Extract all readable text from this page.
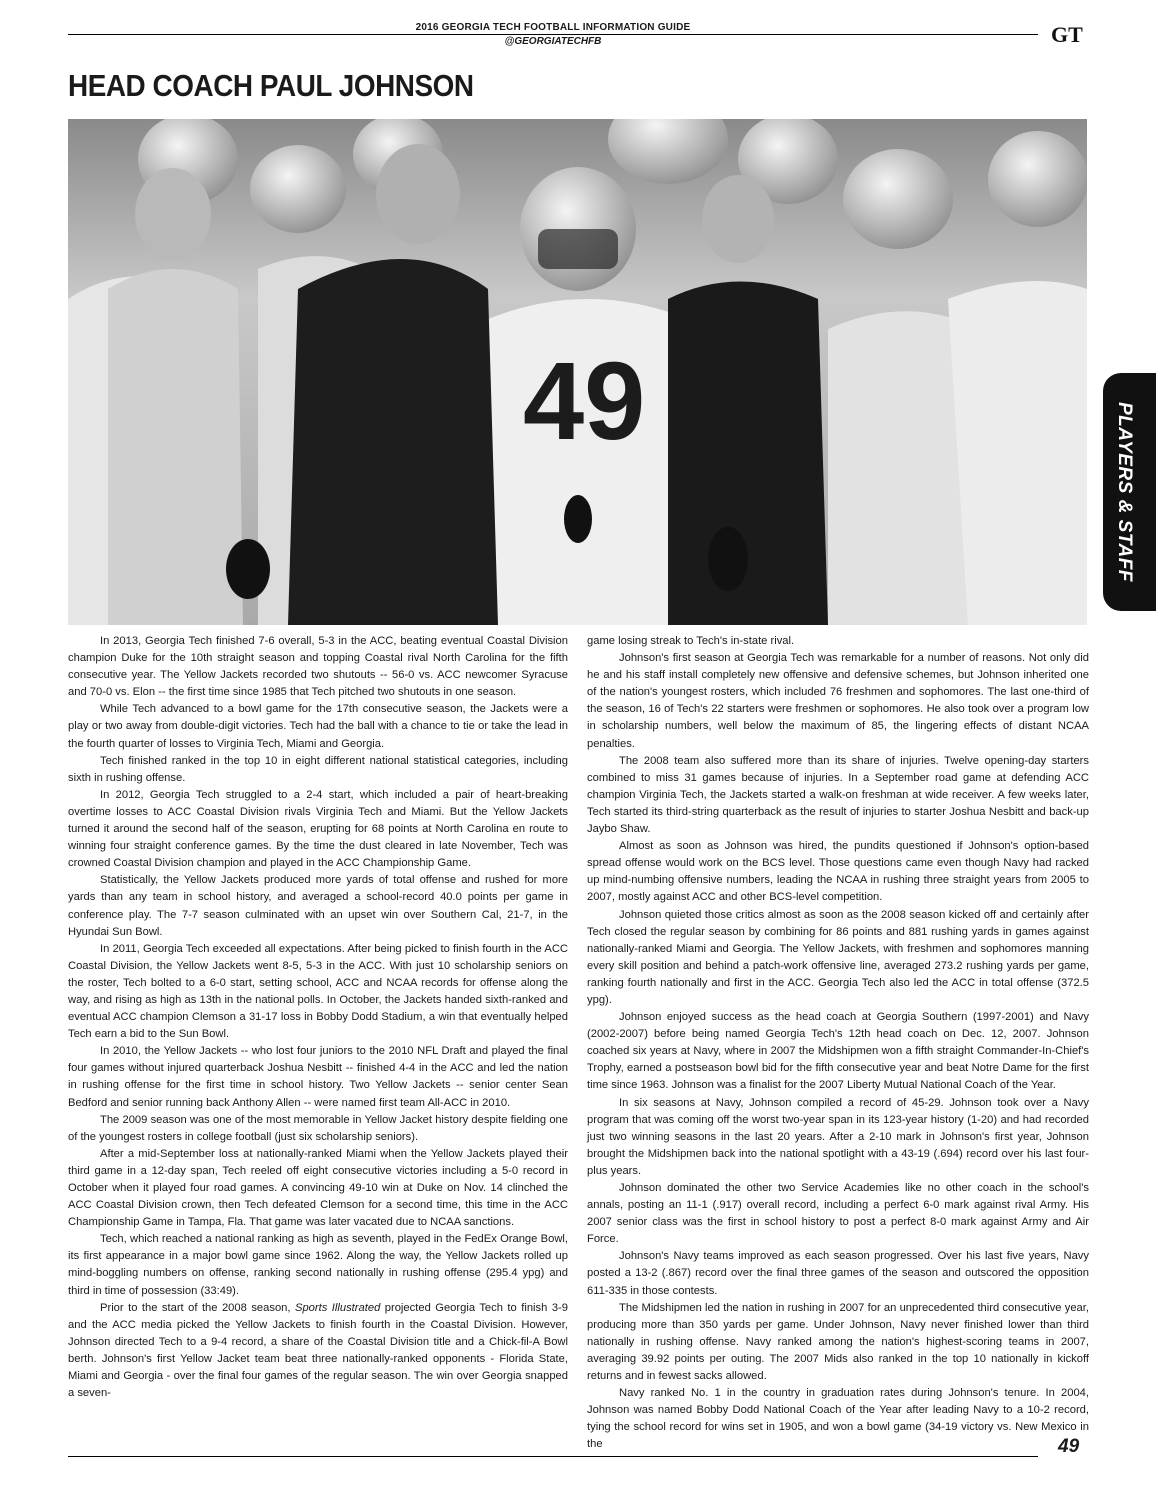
2016 GEORGIA TECH FOOTBALL INFORMATION GUIDE
@GEORGIATECHFB	GT
HEAD COACH PAUL JOHNSON
49
PLAYERS & STAFF

In 2013, Georgia Tech finished 7-6 overall, 5-3 in the ACC, beating eventual Coastal Division champion Duke for the 10th straight season and topping Coastal rival North Carolina for the fifth consecutive year. The Yellow Jackets recorded two shutouts -- 56-0 vs. ACC newcomer Syracuse and 70-0 vs. Elon -- the first time since 1985 that Tech pitched two shutouts in one season.

While Tech advanced to a bowl game for the 17th consecutive season, the Jackets were a play or two away from double-digit victories. Tech had the ball with a chance to tie or take the lead in the fourth quarter of losses to Virginia Tech, Miami and Georgia.

Tech finished ranked in the top 10 in eight different national statistical categories, including sixth in rushing offense.

In 2012, Georgia Tech struggled to a 2-4 start, which included a pair of heart-breaking overtime losses to ACC Coastal Division rivals Virginia Tech and Miami. But the Yellow Jackets turned it around the second half of the season, erupting for 68 points at North Carolina en route to winning four straight conference games. By the time the dust cleared in late November, Tech was crowned Coastal Division champion and played in the ACC Championship Game.

Statistically, the Yellow Jackets produced more yards of total offense and rushed for more yards than any team in school history, and averaged a school-record 40.0 points per game in conference play. The 7-7 season culminated with an upset win over Southern Cal, 21-7, in the Hyundai Sun Bowl.

In 2011, Georgia Tech exceeded all expectations. After being picked to finish fourth in the ACC Coastal Division, the Yellow Jackets went 8-5, 5-3 in the ACC. With just 10 scholarship seniors on the roster, Tech bolted to a 6-0 start, setting school, ACC and NCAA records for offense along the way, and rising as high as 13th in the national polls. In October, the Jackets handed sixth-ranked and eventual ACC champion Clemson a 31-17 loss in Bobby Dodd Stadium, a win that eventually helped Tech earn a bid to the Sun Bowl.

In 2010, the Yellow Jackets -- who lost four juniors to the 2010 NFL Draft and played the final four games without injured quarterback Joshua Nesbitt -- finished 4-4 in the ACC and led the nation in rushing offense for the first time in school history. Two Yellow Jackets -- senior center Sean Bedford and senior running back Anthony Allen -- were named first team All-ACC in 2010.

The 2009 season was one of the most memorable in Yellow Jacket history despite fielding one of the youngest rosters in college football (just six scholarship seniors).

After a mid-September loss at nationally-ranked Miami when the Yellow Jackets played their third game in a 12-day span, Tech reeled off eight consecutive victories including a 5-0 record in October when it played four road games. A convincing 49-10 win at Duke on Nov. 14 clinched the ACC Coastal Division crown, then Tech defeated Clemson for a second time, this time in the ACC Championship Game in Tampa, Fla. That game was later vacated due to NCAA sanctions.

Tech, which reached a national ranking as high as seventh, played in the FedEx Orange Bowl, its first appearance in a major bowl game since 1962. Along the way, the Yellow Jackets rolled up mind-boggling numbers on offense, ranking second nationally in rushing offense (295.4 ypg) and third in time of possession (33:49).

Prior to the start of the 2008 season, Sports Illustrated projected Georgia Tech to finish 3-9 and the ACC media picked the Yellow Jackets to finish fourth in the Coastal Division. However, Johnson directed Tech to a 9-4 record, a share of the Coastal Division title and a Chick-fil-A Bowl berth. Johnson's first Yellow Jacket team beat three nationally-ranked opponents - Florida State, Miami and Georgia - over the final four games of the regular season. The win over Georgia snapped a seven-

game losing streak to Tech's in-state rival.

Johnson's first season at Georgia Tech was remarkable for a number of reasons. Not only did he and his staff install completely new offensive and defensive schemes, but Johnson inherited one of the nation's youngest rosters, which included 76 freshmen and sophomores. The last one-third of the season, 16 of Tech's 22 starters were freshmen or sophomores. He also took over a program low in scholarship numbers, well below the maximum of 85, the lingering effects of distant NCAA penalties.

The 2008 team also suffered more than its share of injuries. Twelve opening-day starters combined to miss 31 games because of injuries. In a September road game at defending ACC champion Virginia Tech, the Jackets started a walk-on freshman at wide receiver. A few weeks later, Tech started its third-string quarterback as the result of injuries to starter Joshua Nesbitt and back-up Jaybo Shaw.

Almost as soon as Johnson was hired, the pundits questioned if Johnson's option-based spread offense would work on the BCS level. Those questions came even though Navy had racked up mind-numbing offensive numbers, leading the NCAA in rushing three straight years from 2005 to 2007, mostly against ACC and other BCS-level competition.

Johnson quieted those critics almost as soon as the 2008 season kicked off and certainly after Tech closed the regular season by combining for 86 points and 881 rushing yards in games against nationally-ranked Miami and Georgia. The Yellow Jackets, with freshmen and sophomores manning every skill position and behind a patch-work offensive line, averaged 273.2 rushing yards per game, ranking fourth nationally and first in the ACC. Georgia Tech also led the ACC in total offense (372.5 ypg).

Johnson enjoyed success as the head coach at Georgia Southern (1997-2001) and Navy (2002-2007) before being named Georgia Tech's 12th head coach on Dec. 12, 2007. Johnson coached six years at Navy, where in 2007 the Midshipmen won a fifth straight Commander-In-Chief's Trophy, earned a postseason bowl bid for the fifth consecutive year and beat Notre Dame for the first time since 1963. Johnson was a finalist for the 2007 Liberty Mutual National Coach of the Year.

In six seasons at Navy, Johnson compiled a record of 45-29. Johnson took over a Navy program that was coming off the worst two-year span in its 123-year history (1-20) and had recorded just two winning seasons in the last 20 years. After a 2-10 mark in Johnson's first year, Johnson brought the Midshipmen back into the national spotlight with a 43-19 (.694) record over his last four-plus years.

Johnson dominated the other two Service Academies like no other coach in the school's annals, posting an 11-1 (.917) overall record, including a perfect 6-0 mark against rival Army. His 2007 senior class was the first in school history to post a perfect 8-0 mark against Army and Air Force.

Johnson's Navy teams improved as each season progressed. Over his last five years, Navy posted a 13-2 (.867) record over the final three games of the season and outscored the opposition 611-335 in those contests.

The Midshipmen led the nation in rushing in 2007 for an unprecedented third consecutive year, producing more than 350 yards per game. Under Johnson, Navy never finished lower than third nationally in rushing offense. Navy ranked among the nation's highest-scoring teams in 2007, averaging 39.92 points per outing. The 2007 Mids also ranked in the top 10 nationally in kickoff returns and in fewest sacks allowed.

Navy ranked No. 1 in the country in graduation rates during Johnson's tenure. In 2004, Johnson was named Bobby Dodd National Coach of the Year after leading Navy to a 10-2 record, tying the school record for wins set in 1905, and won a bowl game (34-19 victory vs. New Mexico in the	49
